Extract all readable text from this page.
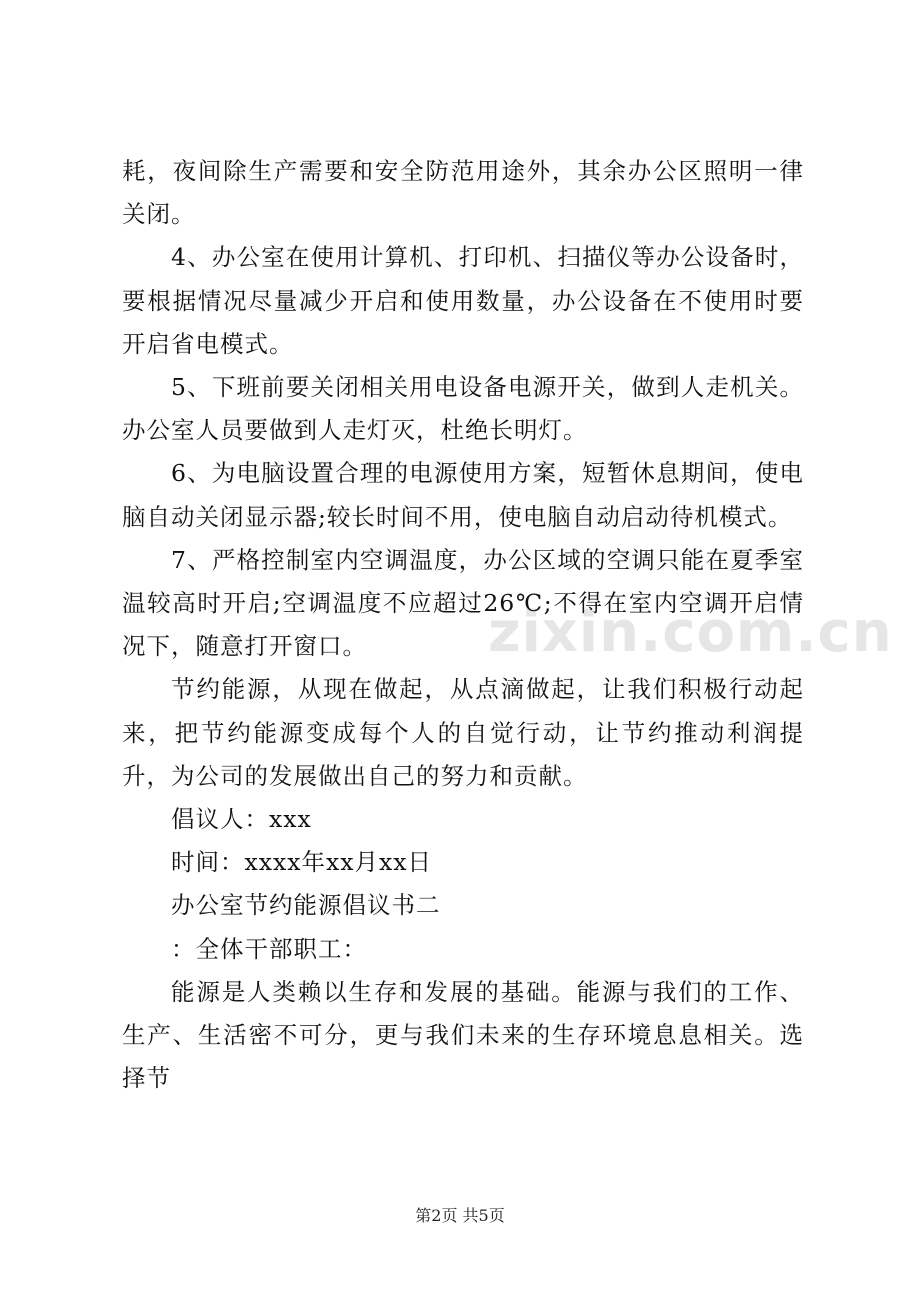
zixin.com.cn

耗，夜间除生产需要和安全防范用途外，其余办公区照明一律关闭。

4、办公室在使用计算机、打印机、扫描仪等办公设备时，要根据情况尽量减少开启和使用数量，办公设备在不使用时要开启省电模式。

5、下班前要关闭相关用电设备电源开关，做到人走机关。办公室人员要做到人走灯灭，杜绝长明灯。

6、为电脑设置合理的电源使用方案，短暂休息期间，使电脑自动关闭显示器;较长时间不用，使电脑自动启动待机模式。

7、严格控制室内空调温度，办公区域的空调只能在夏季室温较高时开启;空调温度不应超过26℃;不得在室内空调开启情况下，随意打开窗口。

节约能源，从现在做起，从点滴做起，让我们积极行动起来，把节约能源变成每个人的自觉行动，让节约推动利润提升，为公司的发展做出自己的努力和贡献。

倡议人：xxx

时间：xxxx年xx月xx日

办公室节约能源倡议书二

：全体干部职工：

能源是人类赖以生存和发展的基础。能源与我们的工作、生产、生活密不可分，更与我们未来的生存环境息息相关。选择节

第2页 共5页
